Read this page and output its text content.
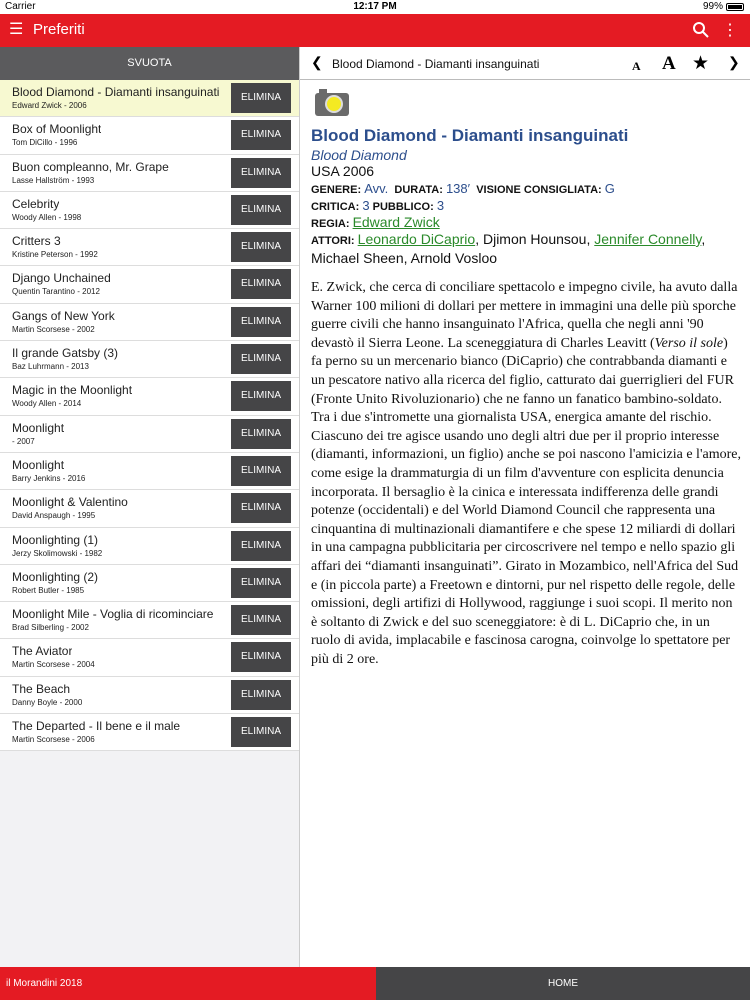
Carrier	12:17 PM	99%
☰ Preferiti	⋮
SVUOTA
Blood Diamond - Diamanti insanguinati
Edward Zwick - 2006
ELIMINA
Box of Moonlight
Tom DiCillo - 1996
ELIMINA
Buon compleanno, Mr. Grape
Lasse Hallström - 1993
ELIMINA
Celebrity
Woody Allen - 1998
ELIMINA
Critters 3
Kristine Peterson - 1992
ELIMINA
Django Unchained
Quentin Tarantino - 2012
ELIMINA
Gangs of New York
Martin Scorsese - 2002
ELIMINA
Il grande Gatsby (3)
Baz Luhrmann - 2013
ELIMINA
Magic in the Moonlight
Woody Allen - 2014
ELIMINA
Moonlight
- 2007
ELIMINA
Moonlight
Barry Jenkins - 2016
ELIMINA
Moonlight & Valentino
David Anspaugh - 1995
ELIMINA
Moonlighting (1)
Jerzy Skolimowski - 1982
ELIMINA
Moonlighting (2)
Robert Butler - 1985
ELIMINA
Moonlight Mile - Voglia di ricominciare
Brad Silberling - 2002
ELIMINA
The Aviator
Martin Scorsese - 2004
ELIMINA
The Beach
Danny Boyle - 2000
ELIMINA
The Departed - Il bene e il male
Martin Scorsese - 2006
ELIMINA
❮ Blood Diamond - Diamanti insanguinati	A A ★ ❯
Blood Diamond - Diamanti insanguinati
Blood Diamond
USA 2006
GENERE: Avv. DURATA: 138′ VISIONE CONSIGLIATA: G
CRITICA: 3 PUBBLICO: 3
REGIA: Edward Zwick
ATTORI: Leonardo DiCaprio, Djimon Hounsou, Jennifer Connelly, Michael Sheen, Arnold Vosloo
E. Zwick, che cerca di conciliare spettacolo e impegno civile, ha avuto dalla Warner 100 milioni di dollari per mettere in immagini una delle più sporche guerre civili che hanno insanguinato l'Africa, quella che negli anni '90 devastò il Sierra Leone. La sceneggiatura di Charles Leavitt (Verso il sole) fa perno su un mercenario bianco (DiCaprio) che contrabbanda diamanti e un pescatore nativo alla ricerca del figlio, catturato dai guerriglieri del FUR (Fronte Unito Rivoluzionario) che ne fanno un fanatico bambino-soldato. Tra i due s'intromette una giornalista USA, energica amante del rischio. Ciascuno dei tre agisce usando uno degli altri due per il proprio interesse (diamanti, informazioni, un figlio) anche se poi nascono l'amicizia e l'amore, come esige la drammaturgia di un film d'avventure con esplicita denuncia incorporata. Il bersaglio è la cinica e interessata indifferenza delle grandi potenze (occidentali) e del World Diamond Council che rappresenta una cinquantina di multinazionali diamantifere e che spese 12 miliardi di dollari in una campagna pubblicitaria per circoscrivere nel tempo e nello spazio gli affari dei “diamanti insanguinati”. Girato in Mozambico, nell'Africa del Sud e (in piccola parte) a Freetown e dintorni, pur nel rispetto delle regole, delle omissioni, degli artifizi di Hollywood, raggiunge i suoi scopi. Il merito non è soltanto di Zwick e del suo sceneggiatore: è di L. DiCaprio che, in un ruolo di avida, implacabile e fascinosa carogna, coinvolge lo spettatore per più di 2 ore.
il Morandini 2018	HOME
